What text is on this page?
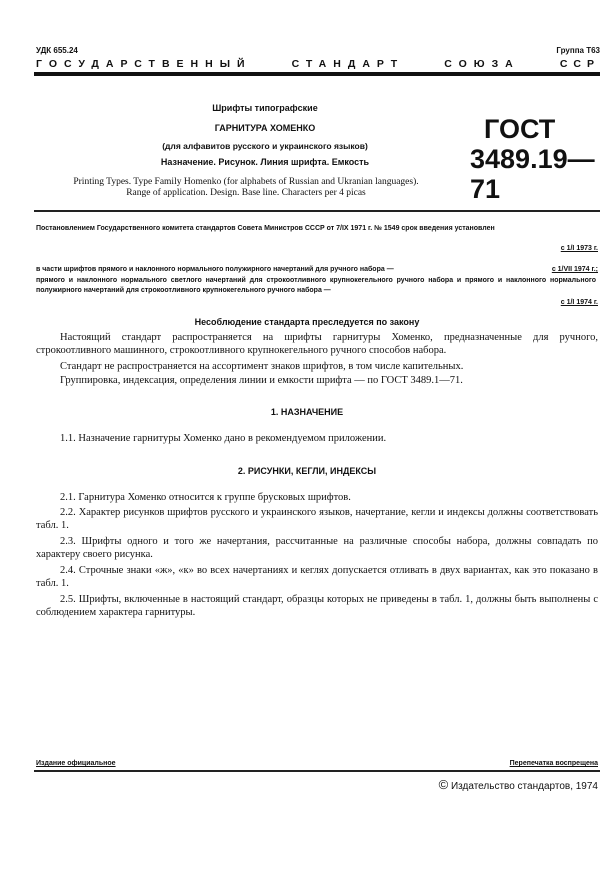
УДК 655.24	Группа Т63
ГОСУДАРСТВЕННЫЙ	СТАНДАРТ	СОЮЗА	ССР
Шрифты типографские
ГАРНИТУРА ХОМЕНКО
(для алфавитов русского и украинского языков)
Назначение. Рисунок. Линия шрифта. Емкость
ГОСТ
3489.19—71
Printing Types. Type Family Homenko (for alphabets of Russian and Ukranian languages).
Range of application. Design. Base line. Characters per 4 picas
Постановлением Государственного комитета стандартов Совета Министров СССР от 7/IX 1971 г. № 1549 срок введения установлен
с 1/I 1973 г.
в части шрифтов прямого и наклонного нормального полужирного начертаний для ручного набора —	с 1/VII 1974 г.;
прямого и наклонного нормального светлого начертаний для строкоотливного крупнокегельного ручного набора и прямого и наклонного нормального полужирного начертаний для строкоотливного крупнокегельного ручного набора —
с 1/I 1974 г.
Несоблюдение стандарта преследуется по закону
Настоящий стандарт распространяется на шрифты гарнитуры Хоменко, предназначенные для ручного, строкоотливного машинного, строкоотливного крупнокегельного ручного способов набора.
Стандарт не распространяется на ассортимент знаков шрифтов, в том числе капительных.
Группировка, индексация, определения линии и емкости шрифта — по ГОСТ 3489.1—71.
1. НАЗНАЧЕНИЕ
1.1. Назначение гарнитуры Хоменко дано в рекомендуемом приложении.
2. РИСУНКИ, КЕГЛИ, ИНДЕКСЫ
2.1. Гарнитура Хоменко относится к группе брусковых шрифтов.
2.2. Характер рисунков шрифтов русского и украинского языков, начертание, кегли и индексы должны соответствовать табл. 1.
2.3. Шрифты одного и того же начертания, рассчитанные на различные способы набора, должны совпадать по характеру своего рисунка.
2.4. Строчные знаки «ж», «к» во всех начертаниях и кеглях допускается отливать в двух вариантах, как это показано в табл. 1.
2.5. Шрифты, включенные в настоящий стандарт, образцы которых не приведены в табл. 1, должны быть выполнены с соблюдением характера гарнитуры.
Издание официальное	Перепечатка воспрещена
© Издательство стандартов, 1974
